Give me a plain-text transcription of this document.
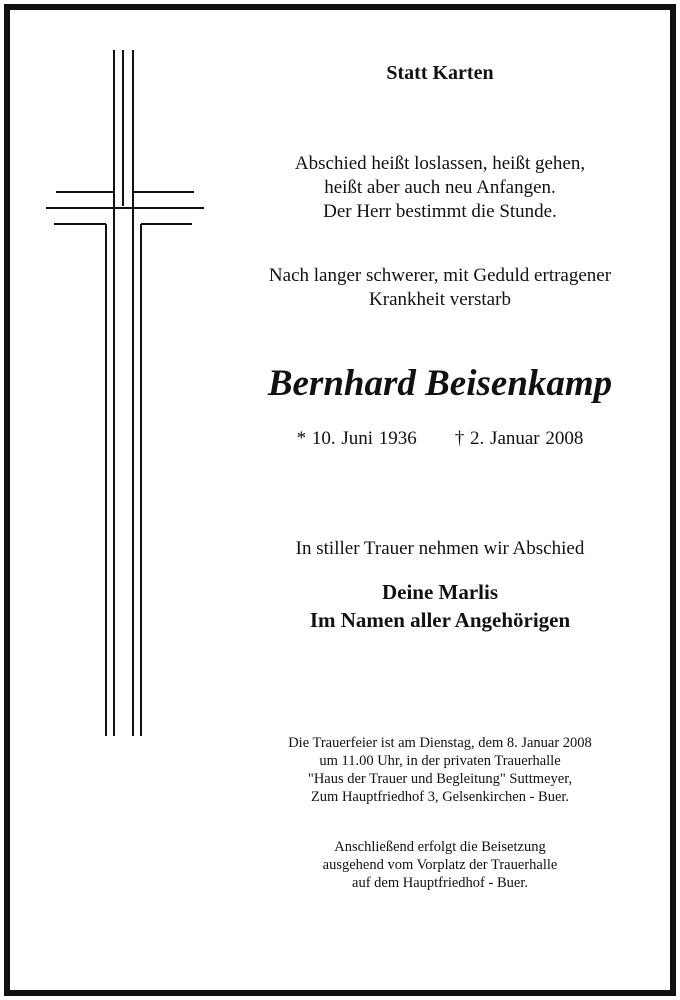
Statt Karten

Abschied heißt loslassen, heißt gehen,
heißt aber auch neu Anfangen.
Der Herr bestimmt die Stunde.

Nach langer schwerer, mit Geduld ertragener
Krankheit verstarb

Bernhard Beisenkamp

* 10. Juni 1936 † 2. Januar 2008

In stiller Trauer nehmen wir Abschied

Deine Marlis
Im Namen aller Angehörigen

Die Trauerfeier ist am Dienstag, dem 8. Januar 2008
um 11.00 Uhr, in der privaten Trauerhalle
"Haus der Trauer und Begleitung" Suttmeyer,
Zum Hauptfriedhof 3, Gelsenkirchen - Buer.

Anschließend erfolgt die Beisetzung
ausgehend vom Vorplatz der Trauerhalle
auf dem Hauptfriedhof - Buer.
